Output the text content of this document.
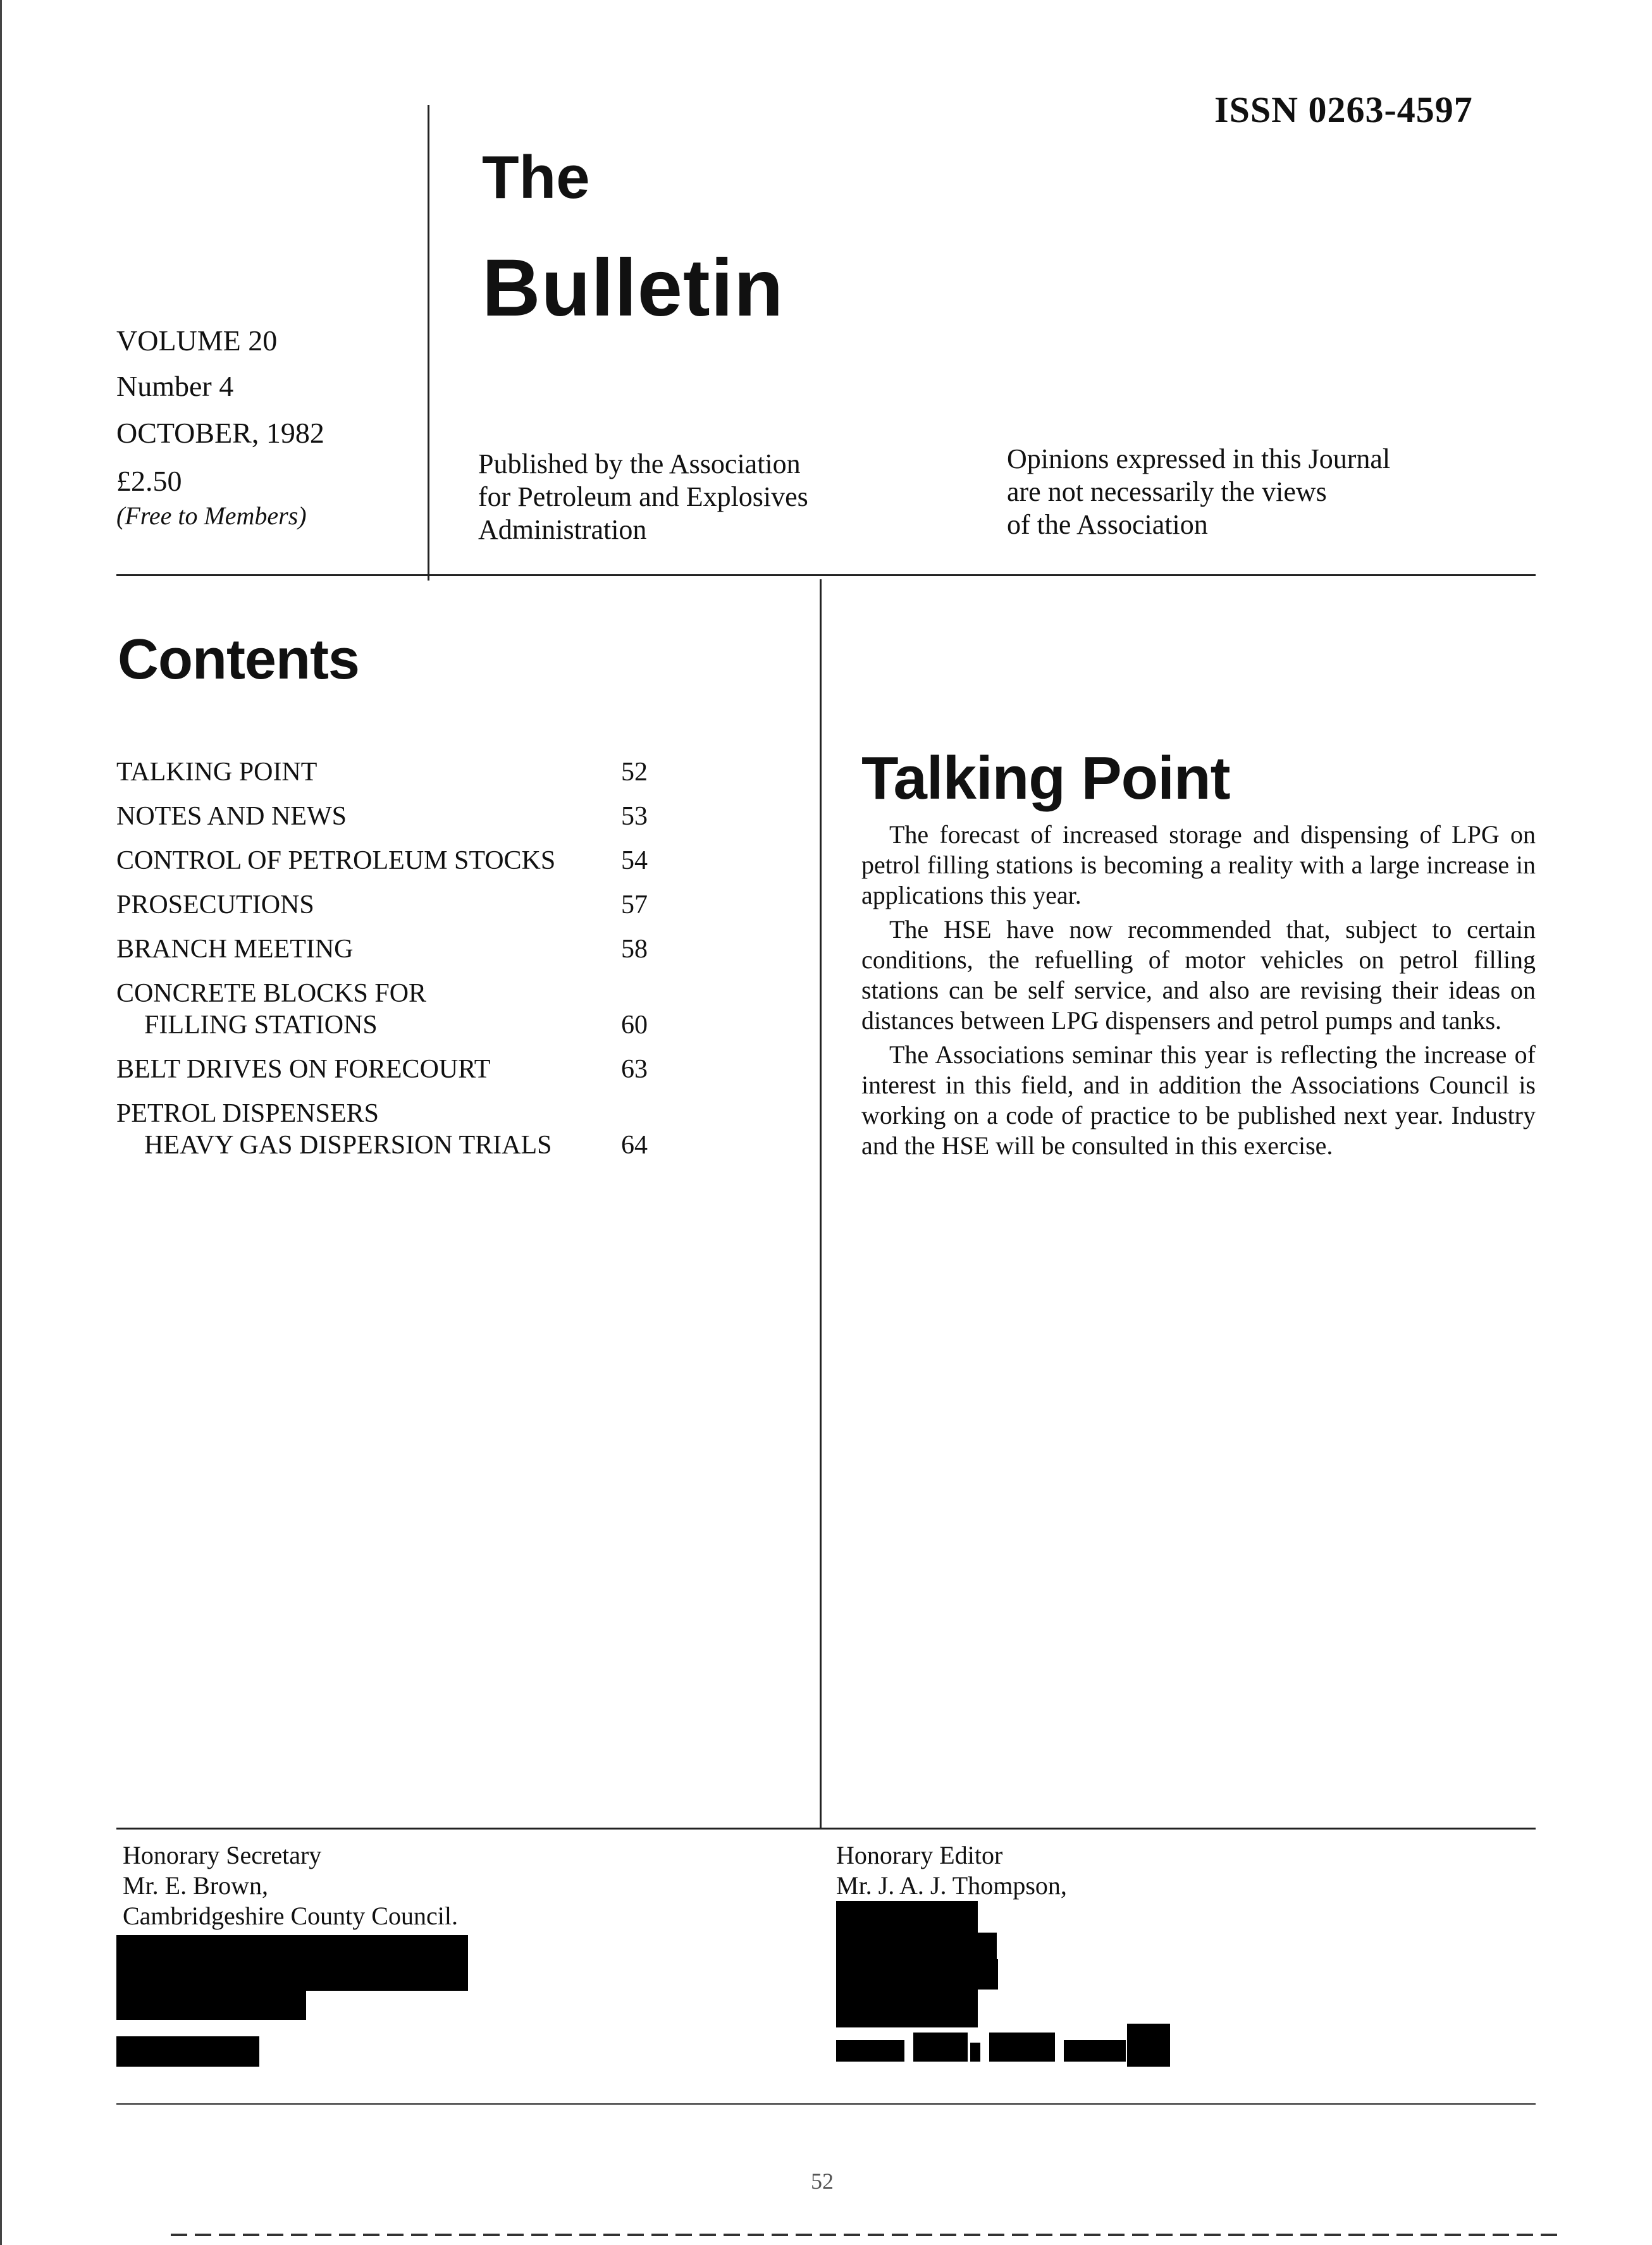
ISSN 0263-4597
The
Bulletin
VOLUME 20
Number 4
OCTOBER, 1982
£2.50
(Free to Members)
Published by the Association
for Petroleum and Explosives
Administration
Opinions expressed in this Journal
are not necessarily the views
of the Association
Contents
TALKING POINT	52
NOTES AND NEWS	53
CONTROL OF PETROLEUM STOCKS	54
PROSECUTIONS	57
BRANCH MEETING	58
CONCRETE BLOCKS FOR
FILLING STATIONS	60
BELT DRIVES ON FORECOURT	63
PETROL DISPENSERS
HEAVY GAS DISPERSION TRIALS	64
Talking Point

The forecast of increased storage and dispensing of LPG on petrol filling stations is becoming a reality with a large increase in applications this year.

The HSE have now recommended that, subject to certain conditions, the refuelling of motor vehicles on petrol filling stations can be self service, and also are revising their ideas on distances between LPG dispensers and petrol pumps and tanks.

The Associations seminar this year is reflecting the increase of interest in this field, and in addition the Associations Council is working on a code of practice to be published next year. Industry and the HSE will be consulted in this exercise.

Honorary Secretary
Mr. E. Brown,
Cambridgeshire County Council.
Honorary Editor
Mr. J. A. J. Thompson,
52
